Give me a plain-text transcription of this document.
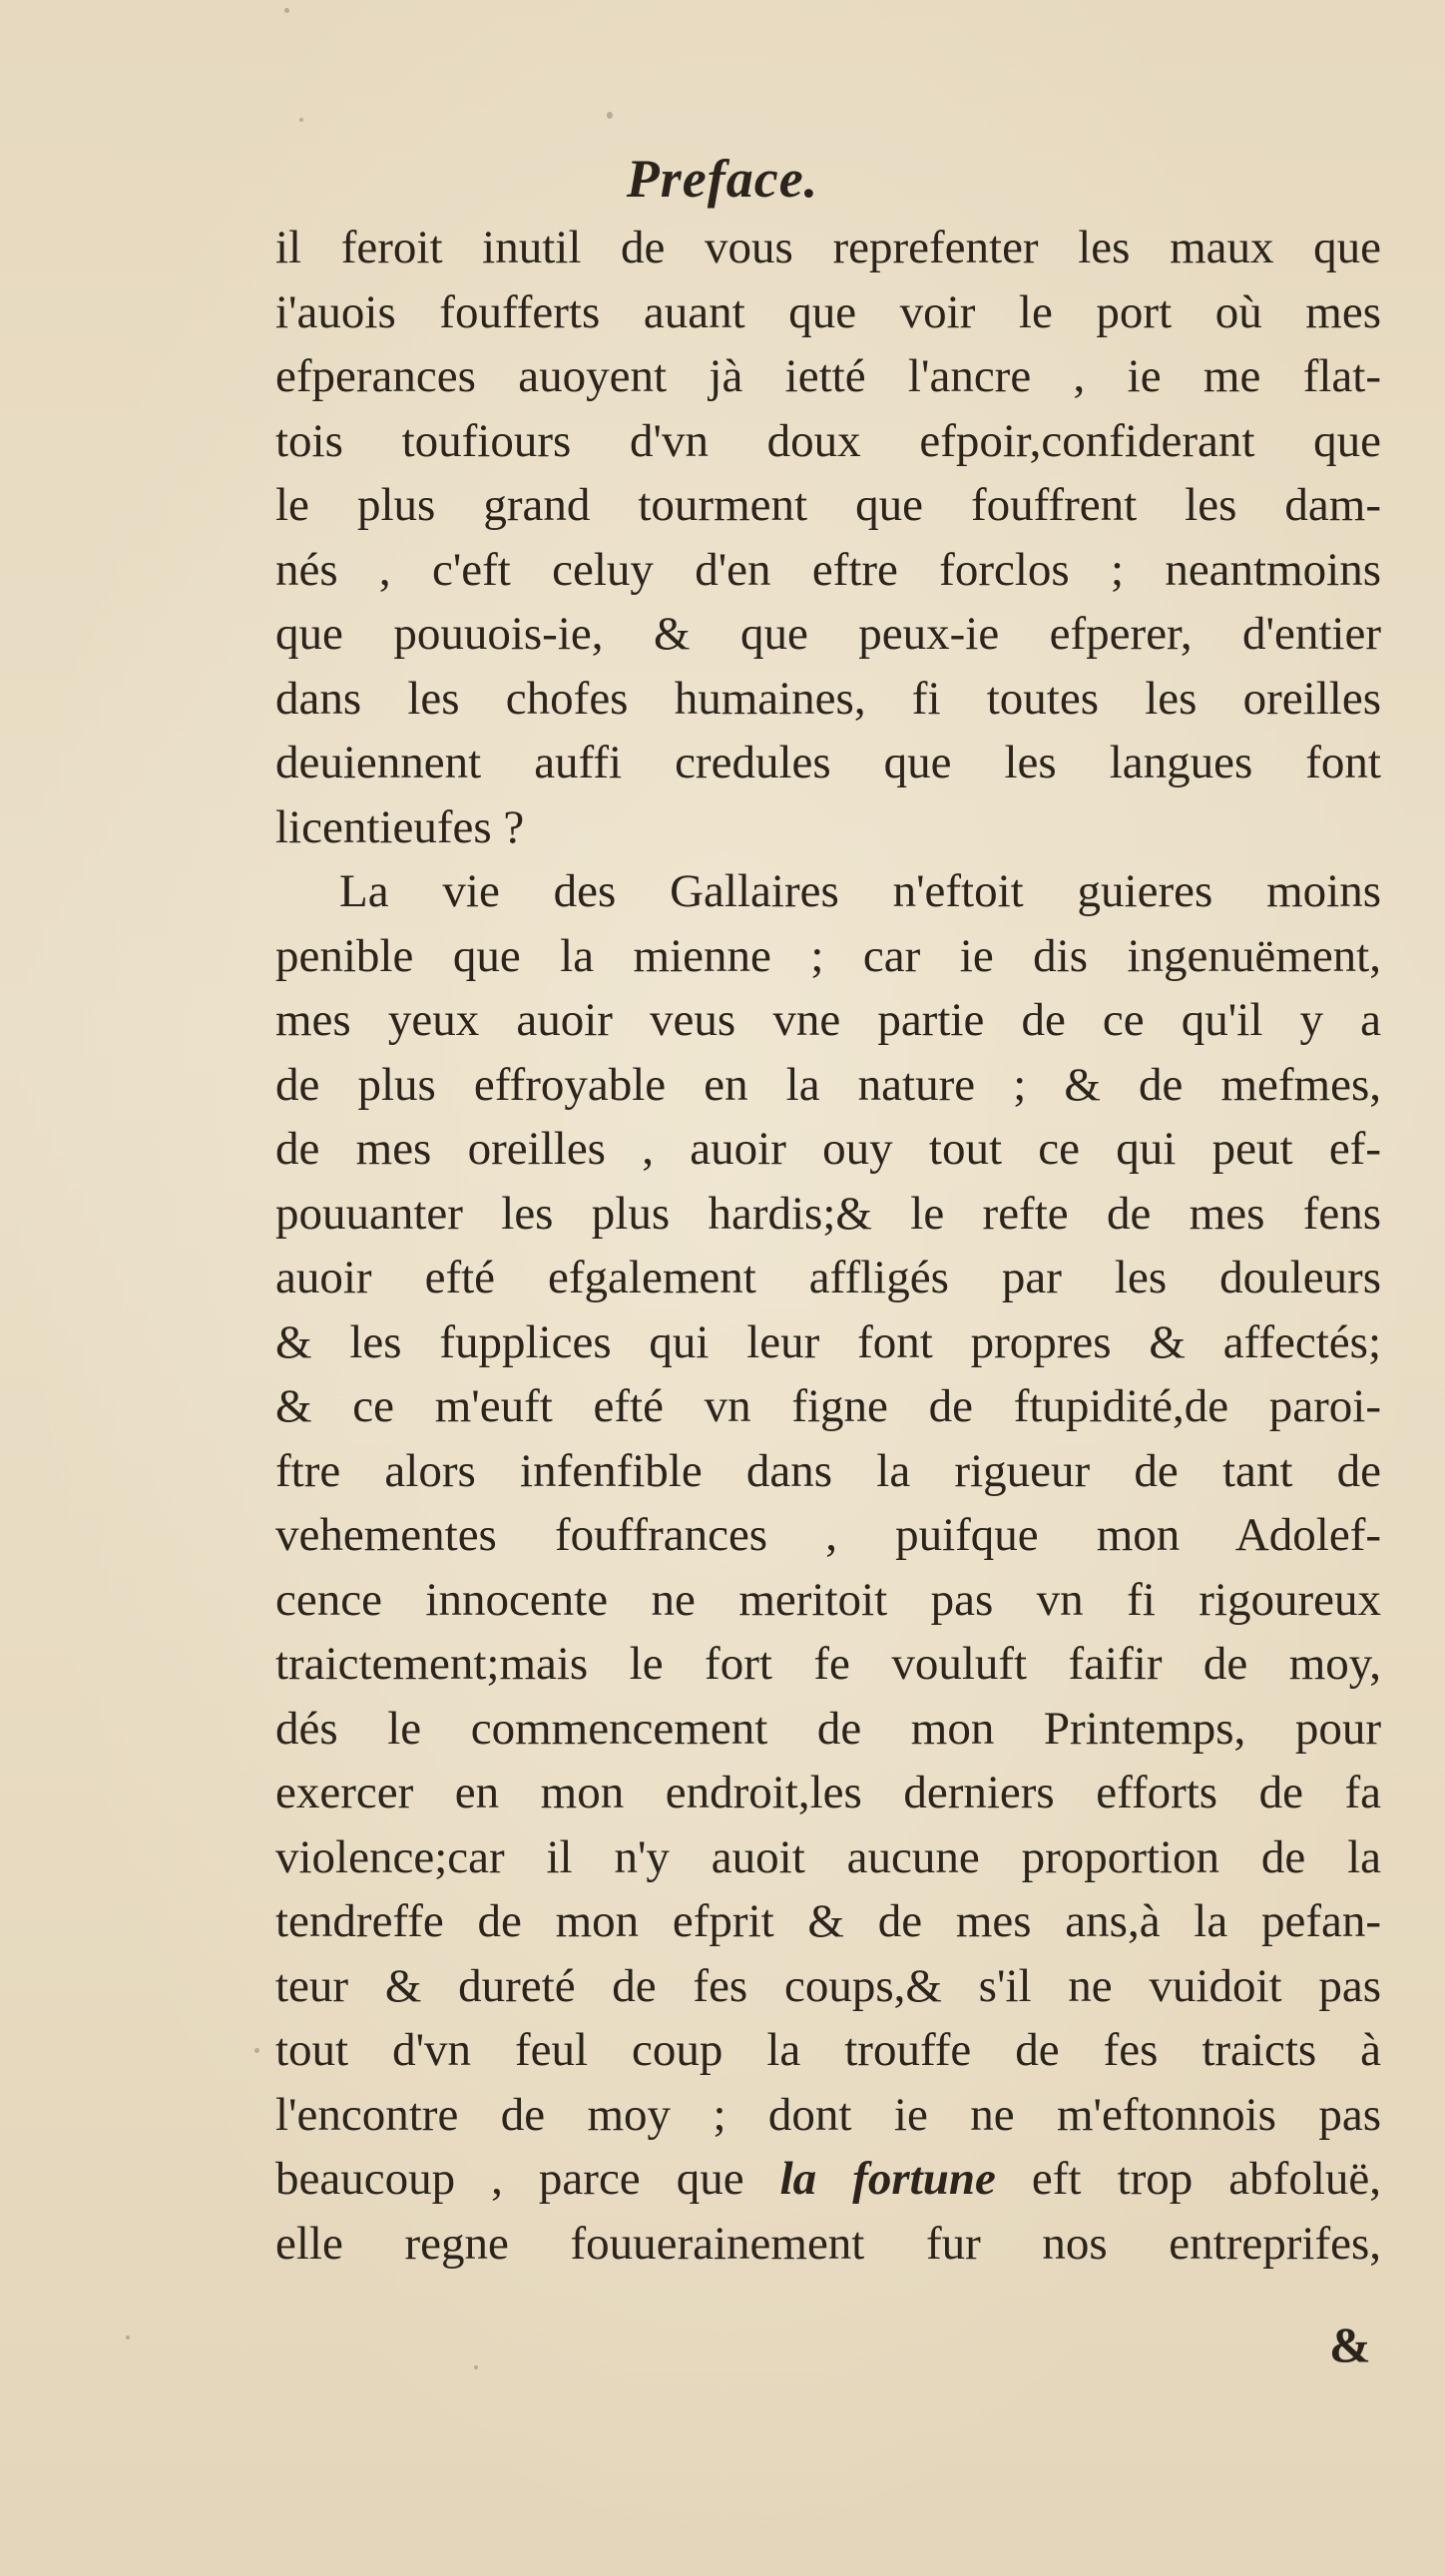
Preface.
il feroit inutil de vous reprefenter les maux que
i'auois foufferts auant que voir le port où mes
efperances auoyent jà ietté l'ancre , ie me flat-
tois toufiours d'vn doux efpoir,confiderant que
le plus grand tourment que fouffrent les dam-
nés , c'eft celuy d'en eftre forclos ; neantmoins
que pouuois-ie, & que peux-ie efperer, d'entier
dans les chofes humaines, fi toutes les oreilles
deuiennent auffi credules que les langues font
licentieufes ?
La vie des Gallaires n'eftoit guieres moins
penible que la mienne ; car ie dis ingenuëment,
mes yeux auoir veus vne partie de ce qu'il y a
de plus effroyable en la nature ; & de mefmes,
de mes oreilles , auoir ouy tout ce qui peut ef-
pouuanter les plus hardis;& le refte de mes fens
auoir efté efgalement affligés par les douleurs
& les fupplices qui leur font propres & affectés;
& ce m'euft efté vn figne de ftupidité,de paroi-
ftre alors infenfible dans la rigueur de tant de
vehementes fouffrances , puifque mon Adolef-
cence innocente ne meritoit pas vn fi rigoureux
traictement;mais le fort fe vouluft faifir de moy,
dés le commencement de mon Printemps, pour
exercer en mon endroit,les derniers efforts de fa
violence;car il n'y auoit aucune proportion de la
tendreffe de mon efprit & de mes ans,à la pefan-
teur & dureté de fes coups,& s'il ne vuidoit pas
tout d'vn feul coup la trouffe de fes traicts à
l'encontre de moy ; dont ie ne m'eftonnois pas
beaucoup , parce que la fortune eft trop abfoluë,
elle regne fouuerainement fur nos entreprifes,
&
